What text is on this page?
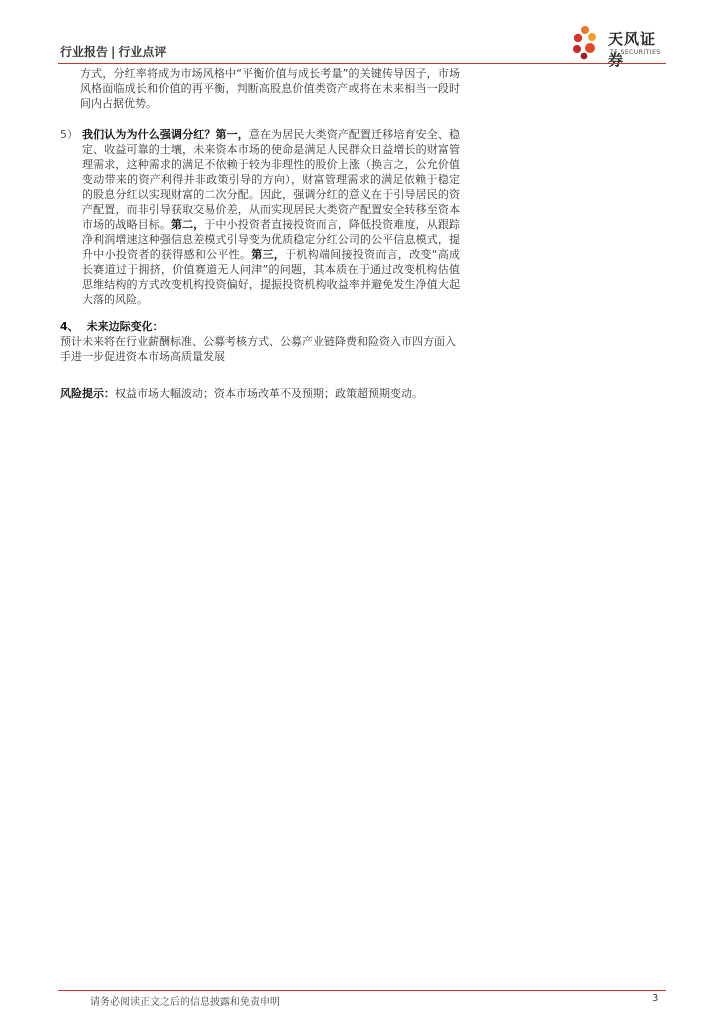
行业报告 | 行业点评
天风证券
TF SECURITIES

方式，分红率将成为市场风格中“平衡价值与成长考量”的关键传导因子，市场风格面临成长和价值的再平衡，判断高股息价值类资产或将在未来相当一段时间内占据优势。

5） 我们认为为什么强调分红？第一，意在为居民大类资产配置迁移培育安全、稳定、收益可靠的土壤，未来资本市场的使命是满足人民群众日益增长的财富管理需求，这种需求的满足不依赖于较为非理性的股价上涨（换言之，公允价值变动带来的资产利得并非政策引导的方向），财富管理需求的满足依赖于稳定的股息分红以实现财富的二次分配。因此，强调分红的意义在于引导居民的资产配置，而非引导获取交易价差，从而实现居民大类资产配置安全转移至资本市场的战略目标。第二，于中小投资者直接投资而言，降低投资难度，从跟踪净利润增速这种强信息差模式引导变为优质稳定分红公司的公平信息模式，提升中小投资者的获得感和公平性。第三，于机构端间接投资而言，改变“高成长赛道过于拥挤，价值赛道无人问津”的问题，其本质在于通过改变机构估值思维结构的方式改变机构投资偏好，提振投资机构收益率并避免发生净值大起大落的风险。
4、 未来边际变化：
预计未来将在行业薪酬标准、公募考核方式、公募产业链降费和险资入市四方面入手进一步促进资本市场高质量发展
风险提示：权益市场大幅波动；资本市场改革不及预期；政策超预期变动。
请务必阅读正文之后的信息披露和免责申明	3
